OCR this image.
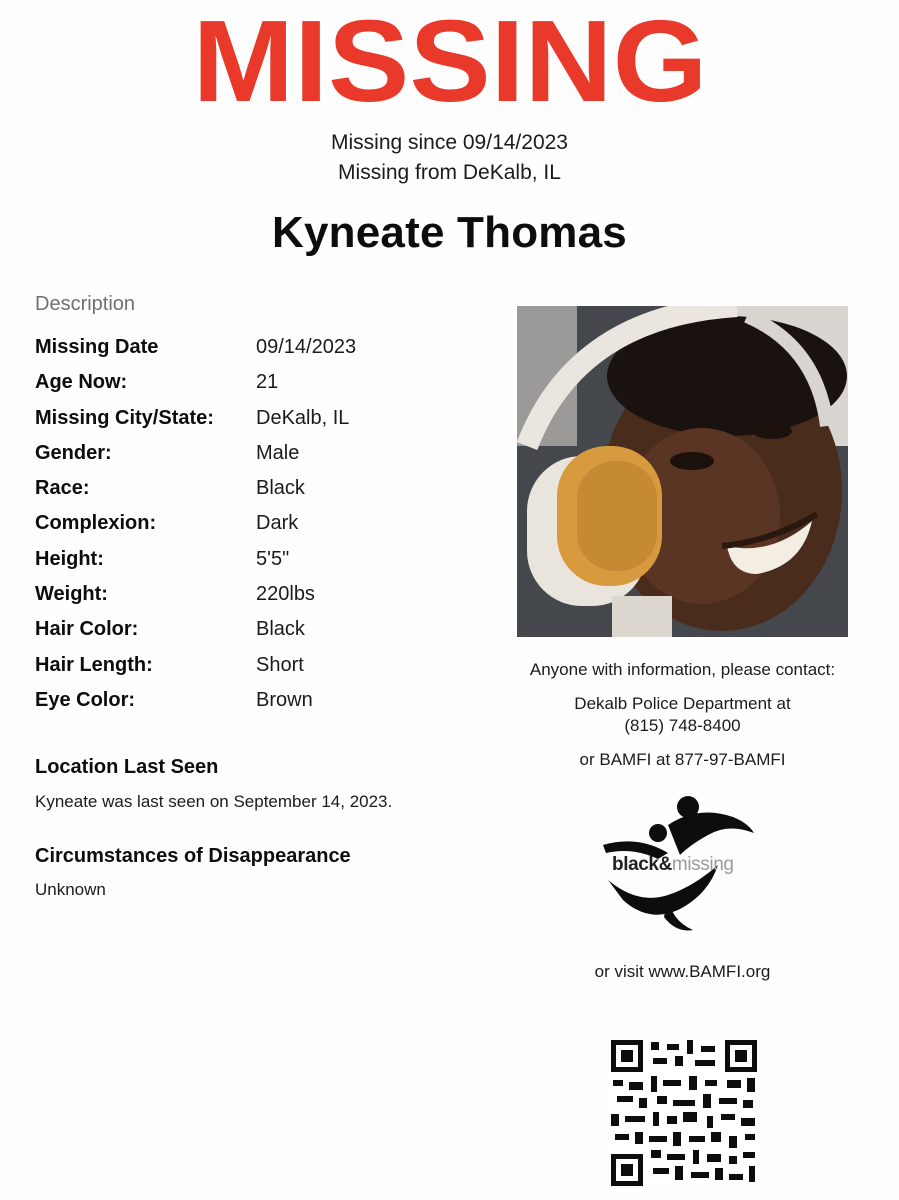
MISSING
Missing since 09/14/2023
Missing from DeKalb, IL
Kyneate Thomas
Description
Missing Date	09/14/2023
Age Now:	21
Missing City/State: DeKalb, IL
Gender:	Male
Race:	Black
Complexion:	Dark
Height:	5'5"
Weight:	220lbs
Hair Color:	Black
Hair Length:	Short
Eye Color:	Brown
Location Last Seen
Kyneate was last seen on September 14, 2023.
Circumstances of Disappearance
Unknown
Anyone with information, please contact:
Dekalb Police Department at
(815) 748-8400
or BAMFI at 877-97-BAMFI
black&missing
or visit www.BAMFI.org
